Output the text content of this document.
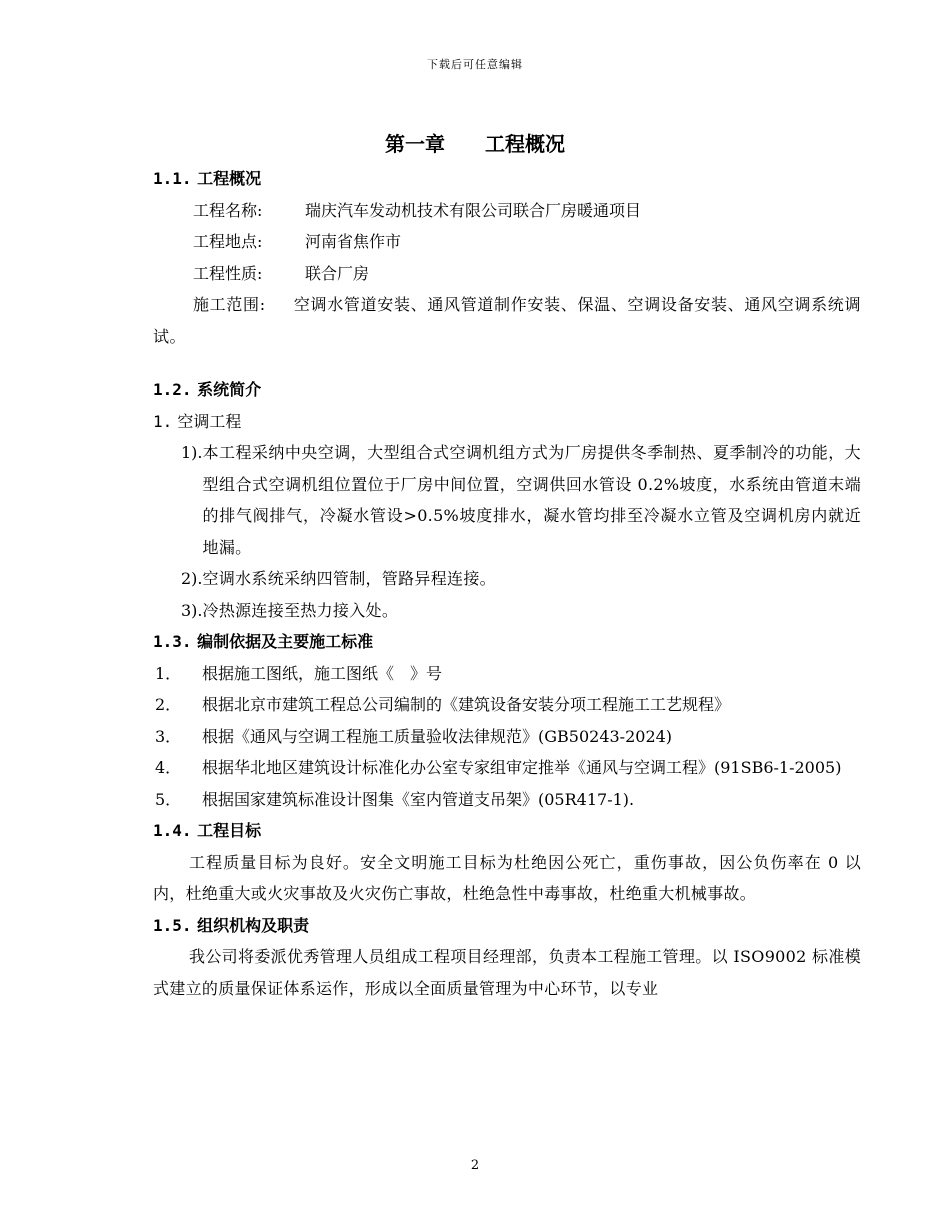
下载后可任意编辑
第一章　　工程概况
1.1. 工程概况
工程名称:	瑞庆汽车发动机技术有限公司联合厂房暖通项目
工程地点:	河南省焦作市
工程性质:	联合厂房
施工范围: 空调水管道安装、通风管道制作安装、保温、空调设备安装、通风空调系统调试。
1.2. 系统简介
1. 空调工程
1). 本工程采纳中央空调，大型组合式空调机组方式为厂房提供冬季制热、夏季制冷的功能，大型组合式空调机组位置位于厂房中间位置，空调供回水管设 0.2%坡度，水系统由管道末端的排气阀排气，冷凝水管设>0.5%坡度排水，凝水管均排至冷凝水立管及空调机房内就近地漏。
2). 空调水系统采纳四管制，管路异程连接。
3). 冷热源连接至热力接入处。
1.3. 编制依据及主要施工标准
1．	根据施工图纸，施工图纸《　》号
2．	根据北京市建筑工程总公司编制的《建筑设备安装分项工程施工工艺规程》
3．	根据《通风与空调工程施工质量验收法律规范》(GB50243-2024)
4．	根据华北地区建筑设计标准化办公室专家组审定推举《通风与空调工程》(91SB6-1-2005)
5．	根据国家建筑标准设计图集《室内管道支吊架》(05R417-1).
1.4. 工程目标
工程质量目标为良好。安全文明施工目标为杜绝因公死亡，重伤事故，因公负伤率在 0 以内，杜绝重大或火灾事故及火灾伤亡事故，杜绝急性中毒事故，杜绝重大机械事故。
1.5. 组织机构及职责
我公司将委派优秀管理人员组成工程项目经理部，负责本工程施工管理。以 ISO9002 标准模式建立的质量保证体系运作，形成以全面质量管理为中心环节，以专业
2
